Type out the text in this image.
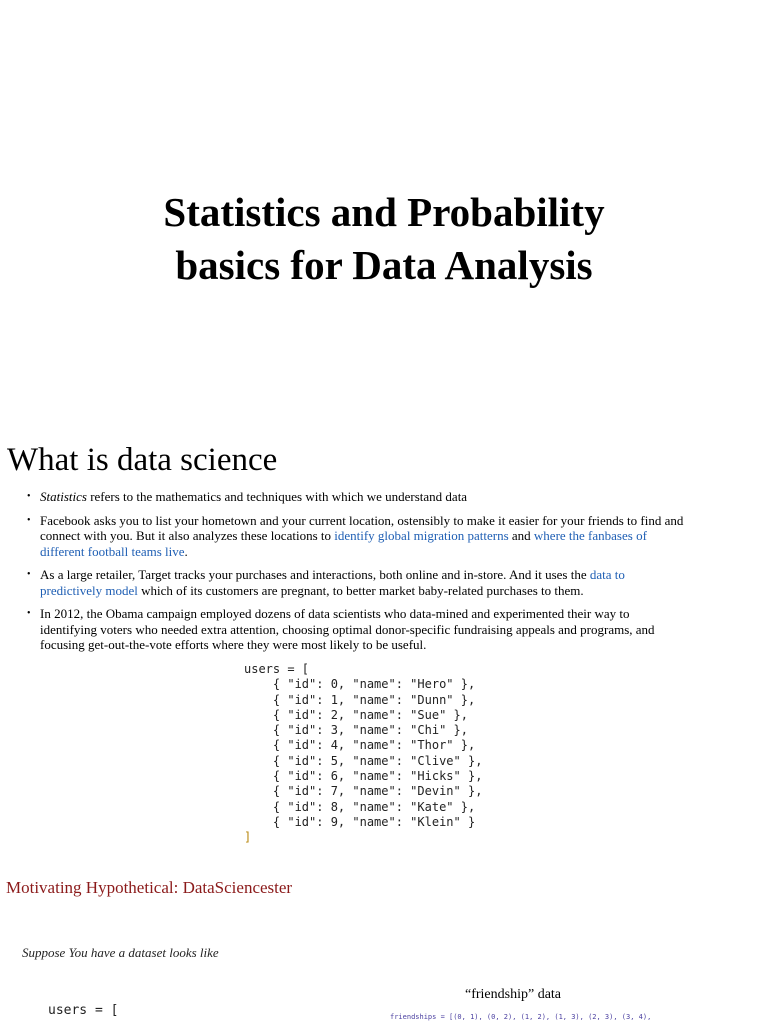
Statistics and Probability
basics for Data Analysis
What is data science
• Statistics refers to the mathematics and techniques with which we understand data
• Facebook asks you to list your hometown and your current location, ostensibly to make it easier for your friends to find and connect with you. But it also analyzes these locations to identify global migration patterns and where the fanbases of different football teams live.
• As a large retailer, Target tracks your purchases and interactions, both online and in-store. And it uses the data to predictively model which of its customers are pregnant, to better market baby-related purchases to them.
• In 2012, the Obama campaign employed dozens of data scientists who data-mined and experimented their way to identifying voters who needed extra attention, choosing optimal donor-specific fundraising appeals and programs, and focusing get-out-the-vote efforts where they were most likely to be useful.
users = [
{ "id": 0, "name": "Hero" },
{ "id": 1, "name": "Dunn" },
{ "id": 2, "name": "Sue" },
{ "id": 3, "name": "Chi" },
{ "id": 4, "name": "Thor" },
{ "id": 5, "name": "Clive" },
{ "id": 6, "name": "Hicks" },
{ "id": 7, "name": "Devin" },
{ "id": 8, "name": "Kate" },
{ "id": 9, "name": "Klein" }
]
Motivating Hypothetical: DataSciencester
Suppose You have a dataset looks like
“friendship” data
users = [	friendships = [(0, 1), (0, 2), (1, 2), (1, 3), (2, 3), (3, 4),
